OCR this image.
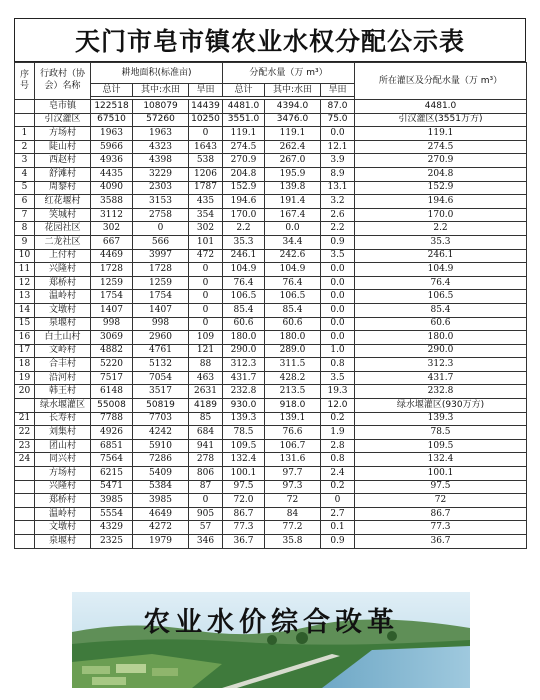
天门市皂市镇农业水权分配公示表
序号	行政村（协会）名称	耕地面积(标准亩)			分配水量（万 m³）			所在灌区及分配水量（万 m³）
		总计	其中:水田	旱田	总计	其中:水田	旱田	

	皂市镇	122518	108079	14439	4481.0	4394.0	87.0	4481.0
	引汉灌区	67510	57260	10250	3551.0	3476.0	75.0	引汉灌区(3551万方)
1	方场村	1963	1963	0	119.1	119.1	0.0	119.1
2	陡山村	5966	4323	1643	274.5	262.4	12.1	274.5
3	西赵村	4936	4398	538	270.9	267.0	3.9	270.9
4	舒滩村	4435	3229	1206	204.8	195.9	8.9	204.8
5	周黎村	4090	2303	1787	152.9	139.8	13.1	152.9
6	红花堰村	3588	3153	435	194.6	191.4	3.2	194.6
7	笑城村	3112	2758	354	170.0	167.4	2.6	170.0
8	花园社区	302	0	302	2.2	0.0	2.2	2.2
9	二龙社区	667	566	101	35.3	34.4	0.9	35.3
10	上付村	4469	3997	472	246.1	242.6	3.5	246.1
11	兴隆村	1728	1728	0	104.9	104.9	0.0	104.9
12	郑桥村	1259	1259	0	76.4	76.4	0.0	76.4
13	温岭村	1754	1754	0	106.5	106.5	0.0	106.5
14	文墩村	1407	1407	0	85.4	85.4	0.0	85.4
15	泉堰村	998	998	0	60.6	60.6	0.0	60.6
16	白土山村	3069	2960	109	180.0	180.0	0.0	180.0
17	文岭村	4882	4761	121	290.0	289.0	1.0	290.0
18	合丰村	5220	5132	88	312.3	311.5	0.8	312.3
19	沿河村	7517	7054	463	431.7	428.2	3.5	431.7
20	韩王村	6148	3517	2631	232.8	213.5	19.3	232.8
	绿水堰灌区	55008	50819	4189	930.0	918.0	12.0	绿水堰灌区(930万方)
21	长寿村	7788	7703	85	139.3	139.1	0.2	139.3
22	刘集村	4926	4242	684	78.5	76.6	1.9	78.5
23	团山村	6851	5910	941	109.5	106.7	2.8	109.5
24	同兴村	7564	7286	278	132.4	131.6	0.8	132.4
	方场村	6215	5409	806	100.1	97.7	2.4	100.1
	兴隆村	5471	5384	87	97.5	97.3	0.2	97.5
	郑桥村	3985	3985	0	72.0	72	0	72
	温岭村	5554	4649	905	86.7	84	2.7	86.7
	文墩村	4329	4272	57	77.3	77.2	0.1	77.3
	泉堰村	2325	1979	346	36.7	35.8	0.9	36.7
农业水价综合改革
